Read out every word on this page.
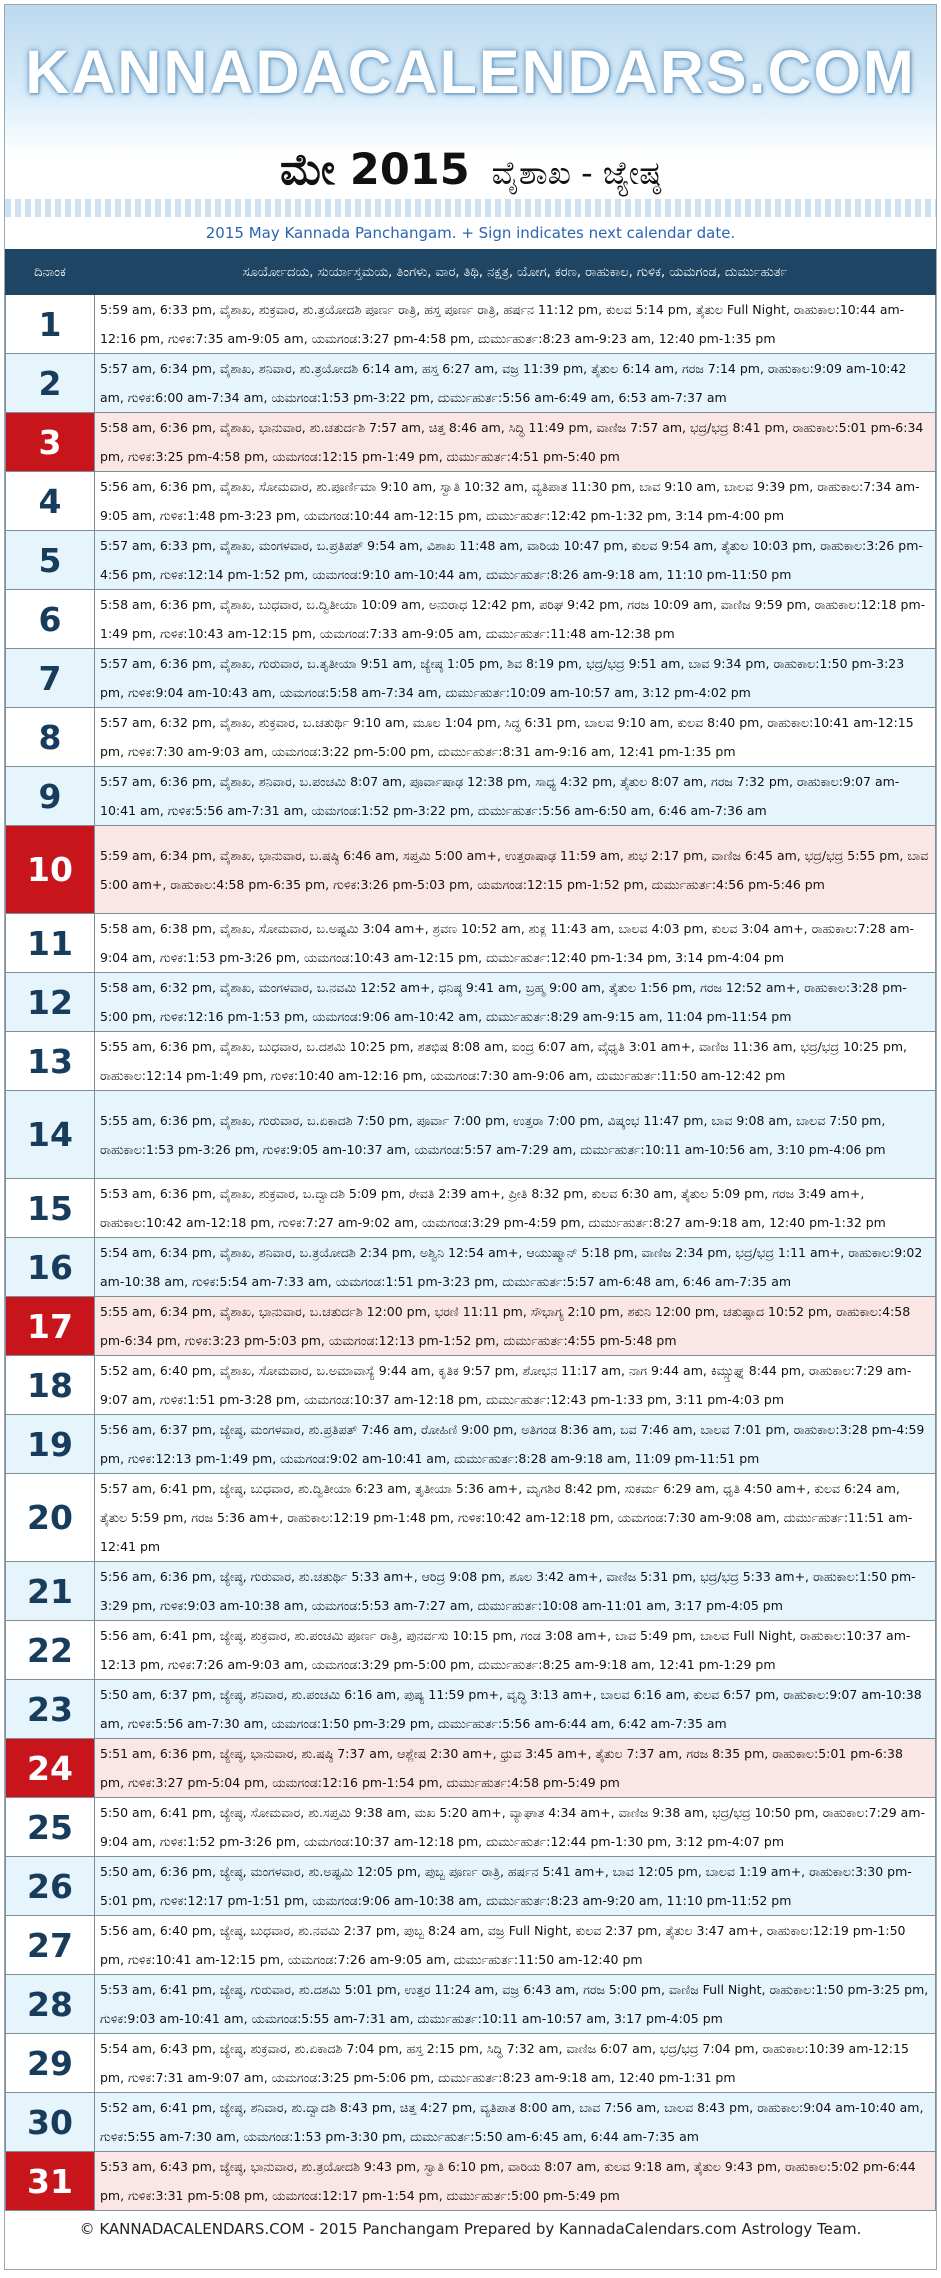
KANNADACALENDARS.COM
ಮೇ 2015 ವೈಶಾಖ - ಜ್ಯೇಷ್ಠ
2015 May Kannada Panchangam. + Sign indicates next calendar date.
ದಿನಾಂಕ	ಸೂರ್ಯೋದಯ, ಸುರ್ಯಾಸ್ತಮಯ, ತಿಂಗಳು, ವಾರ, ತಿಥಿ, ನಕ್ಷತ್ರ, ಯೋಗ, ಕರಣ, ರಾಹುಕಾಲ, ಗುಳಿಕ, ಯಮಗಂಡ, ದುರ್ಮುಹುರ್ತ
1	5:59 am, 6:33 pm, ವೈಶಾಖ, ಶುಕ್ರವಾರ, ಶು.ತ್ರಯೋದಶಿ ಪೂರ್ಣ ರಾತ್ರಿ, ಹಸ್ತ ಪೂರ್ಣ ರಾತ್ರಿ, ಹರ್ಷನ 11:12 pm, ಕುಲವ 5:14 pm, ತೈತುಲ Full Night, ರಾಹುಕಾಲ:10:44 am-12:16 pm, ಗುಳಿಕ:7:35 am-9:05 am, ಯಮಗಂಡ:3:27 pm-4:58 pm, ದುರ್ಮುಹುರ್ತ:8:23 am-9:23 am, 12:40 pm-1:35 pm
2	5:57 am, 6:34 pm, ವೈಶಾಖ, ಶನಿವಾರ, ಶು.ತ್ರಯೋದಶಿ 6:14 am, ಹಸ್ತ 6:27 am, ವಜ್ರ 11:39 pm, ತೈತುಲ 6:14 am, ಗರಜ 7:14 pm, ರಾಹುಕಾಲ:9:09 am-10:42 am, ಗುಳಿಕ:6:00 am-7:34 am, ಯಮಗಂಡ:1:53 pm-3:22 pm, ದುರ್ಮುಹುರ್ತ:5:56 am-6:49 am, 6:53 am-7:37 am
3	5:58 am, 6:36 pm, ವೈಶಾಖ, ಭಾನುವಾರ, ಶು.ಚತುರ್ದಶಿ 7:57 am, ಚಿತ್ತ 8:46 am, ಸಿದ್ಧಿ 11:49 pm, ವಾಣಿಜ 7:57 am, ಭದ್ರ/ಭದ್ರ 8:41 pm, ರಾಹುಕಾಲ:5:01 pm-6:34 pm, ಗುಳಿಕ:3:25 pm-4:58 pm, ಯಮಗಂಡ:12:15 pm-1:49 pm, ದುರ್ಮುಹುರ್ತ:4:51 pm-5:40 pm
4	5:56 am, 6:36 pm, ವೈಶಾಖ, ಸೋಮವಾರ, ಶು.ಪೂರ್ಣಿಮಾ 9:10 am, ಸ್ವಾತಿ 10:32 am, ವ್ಯತಿಪಾತ 11:30 pm, ಬಾವ 9:10 am, ಬಾಲವ 9:39 pm, ರಾಹುಕಾಲ:7:34 am-9:05 am, ಗುಳಿಕ:1:48 pm-3:23 pm, ಯಮಗಂಡ:10:44 am-12:15 pm, ದುರ್ಮುಹುರ್ತ:12:42 pm-1:32 pm, 3:14 pm-4:00 pm
5	5:57 am, 6:33 pm, ವೈಶಾಖ, ಮಂಗಳವಾರ, ಬ.ಪ್ರತಿಪತ್ 9:54 am, ವಿಶಾಖ 11:48 am, ವಾರಿಯ 10:47 pm, ಕುಲವ 9:54 am, ತೈತುಲ 10:03 pm, ರಾಹುಕಾಲ:3:26 pm-4:56 pm, ಗುಳಿಕ:12:14 pm-1:52 pm, ಯಮಗಂಡ:9:10 am-10:44 am, ದುರ್ಮುಹುರ್ತ:8:26 am-9:18 am, 11:10 pm-11:50 pm
6	5:58 am, 6:36 pm, ವೈಶಾಖ, ಬುಧವಾರ, ಬ.ದ್ವಿತೀಯಾ 10:09 am, ಅನುರಾಧ 12:42 pm, ಪರಿಘ 9:42 pm, ಗರಜ 10:09 am, ವಾಣಿಜ 9:59 pm, ರಾಹುಕಾಲ:12:18 pm-1:49 pm, ಗುಳಿಕ:10:43 am-12:15 pm, ಯಮಗಂಡ:7:33 am-9:05 am, ದುರ್ಮುಹುರ್ತ:11:48 am-12:38 pm
7	5:57 am, 6:36 pm, ವೈಶಾಖ, ಗುರುವಾರ, ಬ.ತೃತೀಯಾ 9:51 am, ಜ್ಯೇಷ್ಠ 1:05 pm, ಶಿವ 8:19 pm, ಭದ್ರ/ಭದ್ರ 9:51 am, ಬಾವ 9:34 pm, ರಾಹುಕಾಲ:1:50 pm-3:23 pm, ಗುಳಿಕ:9:04 am-10:43 am, ಯಮಗಂಡ:5:58 am-7:34 am, ದುರ್ಮುಹುರ್ತ:10:09 am-10:57 am, 3:12 pm-4:02 pm
8	5:57 am, 6:32 pm, ವೈಶಾಖ, ಶುಕ್ರವಾರ, ಬ.ಚತುರ್ಥಿ 9:10 am, ಮೂಲ 1:04 pm, ಸಿದ್ಧ 6:31 pm, ಬಾಲವ 9:10 am, ಕುಲವ 8:40 pm, ರಾಹುಕಾಲ:10:41 am-12:15 pm, ಗುಳಿಕ:7:30 am-9:03 am, ಯಮಗಂಡ:3:22 pm-5:00 pm, ದುರ್ಮುಹುರ್ತ:8:31 am-9:16 am, 12:41 pm-1:35 pm
9	5:57 am, 6:36 pm, ವೈಶಾಖ, ಶನಿವಾರ, ಬ.ಪಂಚಮಿ 8:07 am, ಪೂರ್ವಾಷಾಢ 12:38 pm, ಸಾಧ್ಯ 4:32 pm, ತೈತುಲ 8:07 am, ಗರಜ 7:32 pm, ರಾಹುಕಾಲ:9:07 am-10:41 am, ಗುಳಿಕ:5:56 am-7:31 am, ಯಮಗಂಡ:1:52 pm-3:22 pm, ದುರ್ಮುಹುರ್ತ:5:56 am-6:50 am, 6:46 am-7:36 am
10	5:59 am, 6:34 pm, ವೈಶಾಖ, ಭಾನುವಾರ, ಬ.ಷಷ್ಠಿ 6:46 am, ಸಪ್ತಮಿ 5:00 am+, ಉತ್ತರಾಷಾಢ 11:59 am, ಶುಭ 2:17 pm, ವಾಣಿಜ 6:45 am, ಭದ್ರ/ಭದ್ರ 5:55 pm, ಬಾವ 5:00 am+, ರಾಹುಕಾಲ:4:58 pm-6:35 pm, ಗುಳಿಕ:3:26 pm-5:03 pm, ಯಮಗಂಡ:12:15 pm-1:52 pm, ದುರ್ಮುಹುರ್ತ:4:56 pm-5:46 pm
11	5:58 am, 6:38 pm, ವೈಶಾಖ, ಸೋಮವಾರ, ಬ.ಅಷ್ಟಮಿ 3:04 am+, ಶ್ರವಣ 10:52 am, ಶುಕ್ಲ 11:43 am, ಬಾಲವ 4:03 pm, ಕುಲವ 3:04 am+, ರಾಹುಕಾಲ:7:28 am-9:04 am, ಗುಳಿಕ:1:53 pm-3:26 pm, ಯಮಗಂಡ:10:43 am-12:15 pm, ದುರ್ಮುಹುರ್ತ:12:40 pm-1:34 pm, 3:14 pm-4:04 pm
12	5:58 am, 6:32 pm, ವೈಶಾಖ, ಮಂಗಳವಾರ, ಬ.ನವಮಿ 12:52 am+, ಧನಿಷ್ಠ 9:41 am, ಬ್ರಹ್ಮ 9:00 am, ತೈತುಲ 1:56 pm, ಗರಜ 12:52 am+, ರಾಹುಕಾಲ:3:28 pm-5:00 pm, ಗುಳಿಕ:12:16 pm-1:53 pm, ಯಮಗಂಡ:9:06 am-10:42 am, ದುರ್ಮುಹುರ್ತ:8:29 am-9:15 am, 11:04 pm-11:54 pm
13	5:55 am, 6:36 pm, ವೈಶಾಖ, ಬುಧವಾರ, ಬ.ದಶಮಿ 10:25 pm, ಶತಭಿಷ 8:08 am, ಐಂದ್ರ 6:07 am, ವೈಧೃತಿ 3:01 am+, ವಾಣಿಜ 11:36 am, ಭದ್ರ/ಭದ್ರ 10:25 pm, ರಾಹುಕಾಲ:12:14 pm-1:49 pm, ಗುಳಿಕ:10:40 am-12:16 pm, ಯಮಗಂಡ:7:30 am-9:06 am, ದುರ್ಮುಹುರ್ತ:11:50 am-12:42 pm
14	5:55 am, 6:36 pm, ವೈಶಾಖ, ಗುರುವಾರ, ಬ.ಏಕಾದಶಿ 7:50 pm, ಪೂರ್ವಾ 7:00 pm, ಉತ್ತರಾ 7:00 pm, ವಿಷ್ಕಂಭ 11:47 pm, ಬಾವ 9:08 am, ಬಾಲವ 7:50 pm, ರಾಹುಕಾಲ:1:53 pm-3:26 pm, ಗುಳಿಕ:9:05 am-10:37 am, ಯಮಗಂಡ:5:57 am-7:29 am, ದುರ್ಮುಹುರ್ತ:10:11 am-10:56 am, 3:10 pm-4:06 pm
15	5:53 am, 6:36 pm, ವೈಶಾಖ, ಶುಕ್ರವಾರ, ಬ.ದ್ವಾದಶಿ 5:09 pm, ರೇವತಿ 2:39 am+, ಪ್ರೀತಿ 8:32 pm, ಕುಲವ 6:30 am, ತೈತುಲ 5:09 pm, ಗರಜ 3:49 am+, ರಾಹುಕಾಲ:10:42 am-12:18 pm, ಗುಳಿಕ:7:27 am-9:02 am, ಯಮಗಂಡ:3:29 pm-4:59 pm, ದುರ್ಮುಹುರ್ತ:8:27 am-9:18 am, 12:40 pm-1:32 pm
16	5:54 am, 6:34 pm, ವೈಶಾಖ, ಶನಿವಾರ, ಬ.ತ್ರಯೋದಶಿ 2:34 pm, ಅಶ್ವಿನಿ 12:54 am+, ಆಯುಷ್ಮಾನ್ 5:18 pm, ವಾಣಿಜ 2:34 pm, ಭದ್ರ/ಭದ್ರ 1:11 am+, ರಾಹುಕಾಲ:9:02 am-10:38 am, ಗುಳಿಕ:5:54 am-7:33 am, ಯಮಗಂಡ:1:51 pm-3:23 pm, ದುರ್ಮುಹುರ್ತ:5:57 am-6:48 am, 6:46 am-7:35 am
17	5:55 am, 6:34 pm, ವೈಶಾಖ, ಭಾನುವಾರ, ಬ.ಚತುರ್ದಶಿ 12:00 pm, ಭರಣಿ 11:11 pm, ಸೌಭಾಗ್ಯ 2:10 pm, ಶಕುನಿ 12:00 pm, ಚತುಷ್ಪಾದ 10:52 pm, ರಾಹುಕಾಲ:4:58 pm-6:34 pm, ಗುಳಿಕ:3:23 pm-5:03 pm, ಯಮಗಂಡ:12:13 pm-1:52 pm, ದುರ್ಮುಹುರ್ತ:4:55 pm-5:48 pm
18	5:52 am, 6:40 pm, ವೈಶಾಖ, ಸೋಮವಾರ, ಬ.ಅಮಾವಾಸ್ಯೆ 9:44 am, ಕೃತಿಕ 9:57 pm, ಶೋಭನ 11:17 am, ನಾಗ 9:44 am, ಕಿಮ್ಸ್ತುಘ್ನ 8:44 pm, ರಾಹುಕಾಲ:7:29 am-9:07 am, ಗುಳಿಕ:1:51 pm-3:28 pm, ಯಮಗಂಡ:10:37 am-12:18 pm, ದುರ್ಮುಹುರ್ತ:12:43 pm-1:33 pm, 3:11 pm-4:03 pm
19	5:56 am, 6:37 pm, ಜ್ಯೇಷ್ಠ, ಮಂಗಳವಾರ, ಶು.ಪ್ರತಿಪತ್ 7:46 am, ರೋಹಿಣಿ 9:00 pm, ಅತಿಗಂಡ 8:36 am, ಬವ 7:46 am, ಬಾಲವ 7:01 pm, ರಾಹುಕಾಲ:3:28 pm-4:59 pm, ಗುಳಿಕ:12:13 pm-1:49 pm, ಯಮಗಂಡ:9:02 am-10:41 am, ದುರ್ಮುಹುರ್ತ:8:28 am-9:18 am, 11:09 pm-11:51 pm
20	5:57 am, 6:41 pm, ಜ್ಯೇಷ್ಠ, ಬುಧವಾರ, ಶು.ದ್ವಿತೀಯಾ 6:23 am, ತೃತೀಯಾ 5:36 am+, ಮೃಗಶಿರ 8:42 pm, ಸುಕರ್ಮ 6:29 am, ಧೃತಿ 4:50 am+, ಕುಲವ 6:24 am, ತೈತುಲ 5:59 pm, ಗರಜ 5:36 am+, ರಾಹುಕಾಲ:12:19 pm-1:48 pm, ಗುಳಿಕ:10:42 am-12:18 pm, ಯಮಗಂಡ:7:30 am-9:08 am, ದುರ್ಮುಹುರ್ತ:11:51 am-12:41 pm
21	5:56 am, 6:36 pm, ಜ್ಯೇಷ್ಠ, ಗುರುವಾರ, ಶು.ಚತುರ್ಥಿ 5:33 am+, ಆರಿದ್ರ 9:08 pm, ಶೂಲ 3:42 am+, ವಾಣಿಜ 5:31 pm, ಭದ್ರ/ಭದ್ರ 5:33 am+, ರಾಹುಕಾಲ:1:50 pm-3:29 pm, ಗುಳಿಕ:9:03 am-10:38 am, ಯಮಗಂಡ:5:53 am-7:27 am, ದುರ್ಮುಹುರ್ತ:10:08 am-11:01 am, 3:17 pm-4:05 pm
22	5:56 am, 6:41 pm, ಜ್ಯೇಷ್ಠ, ಶುಕ್ರವಾರ, ಶು.ಪಂಚಮಿ ಪೂರ್ಣ ರಾತ್ರಿ, ಪುನರ್ವಸು 10:15 pm, ಗಂಡ 3:08 am+, ಬಾವ 5:49 pm, ಬಾಲವ Full Night, ರಾಹುಕಾಲ:10:37 am-12:13 pm, ಗುಳಿಕ:7:26 am-9:03 am, ಯಮಗಂಡ:3:29 pm-5:00 pm, ದುರ್ಮುಹುರ್ತ:8:25 am-9:18 am, 12:41 pm-1:29 pm
23	5:50 am, 6:37 pm, ಜ್ಯೇಷ್ಠ, ಶನಿವಾರ, ಶು.ಪಂಚಮಿ 6:16 am, ಪುಷ್ಯ 11:59 pm+, ವೃದ್ಧಿ 3:13 am+, ಬಾಲವ 6:16 am, ಕುಲವ 6:57 pm, ರಾಹುಕಾಲ:9:07 am-10:38 am, ಗುಳಿಕ:5:56 am-7:30 am, ಯಮಗಂಡ:1:50 pm-3:29 pm, ದುರ್ಮುಹುರ್ತ:5:56 am-6:44 am, 6:42 am-7:35 am
24	5:51 am, 6:36 pm, ಜ್ಯೇಷ್ಠ, ಭಾನುವಾರ, ಶು.ಷಷ್ಠಿ 7:37 am, ಆಶ್ಲೇಷ 2:30 am+, ಧ್ರುವ 3:45 am+, ತೈತುಲ 7:37 am, ಗರಜ 8:35 pm, ರಾಹುಕಾಲ:5:01 pm-6:38 pm, ಗುಳಿಕ:3:27 pm-5:04 pm, ಯಮಗಂಡ:12:16 pm-1:54 pm, ದುರ್ಮುಹುರ್ತ:4:58 pm-5:49 pm
25	5:50 am, 6:41 pm, ಜ್ಯೇಷ್ಠ, ಸೋಮವಾರ, ಶು.ಸಪ್ತಮಿ 9:38 am, ಮಖ 5:20 am+, ವ್ಯಾಘಾತ 4:34 am+, ವಾಣಿಜ 9:38 am, ಭದ್ರ/ಭದ್ರ 10:50 pm, ರಾಹುಕಾಲ:7:29 am-9:04 am, ಗುಳಿಕ:1:52 pm-3:26 pm, ಯಮಗಂಡ:10:37 am-12:18 pm, ದುರ್ಮುಹುರ್ತ:12:44 pm-1:30 pm, 3:12 pm-4:07 pm
26	5:50 am, 6:36 pm, ಜ್ಯೇಷ್ಠ, ಮಂಗಳವಾರ, ಶು.ಅಷ್ಟಮಿ 12:05 pm, ಪುಬ್ಬ ಪೂರ್ಣ ರಾತ್ರಿ, ಹರ್ಷನ 5:41 am+, ಬಾವ 12:05 pm, ಬಾಲವ 1:19 am+, ರಾಹುಕಾಲ:3:30 pm-5:01 pm, ಗುಳಿಕ:12:17 pm-1:51 pm, ಯಮಗಂಡ:9:06 am-10:38 am, ದುರ್ಮುಹುರ್ತ:8:23 am-9:20 am, 11:10 pm-11:52 pm
27	5:56 am, 6:40 pm, ಜ್ಯೇಷ್ಠ, ಬುಧವಾರ, ಶು.ನವಮಿ 2:37 pm, ಪುಬ್ಬ 8:24 am, ವಜ್ರ Full Night, ಕುಲವ 2:37 pm, ತೈತುಲ 3:47 am+, ರಾಹುಕಾಲ:12:19 pm-1:50 pm, ಗುಳಿಕ:10:41 am-12:15 pm, ಯಮಗಂಡ:7:26 am-9:05 am, ದುರ್ಮುಹುರ್ತ:11:50 am-12:40 pm
28	5:53 am, 6:41 pm, ಜ್ಯೇಷ್ಠ, ಗುರುವಾರ, ಶು.ದಶಮಿ 5:01 pm, ಉತ್ತರ 11:24 am, ವಜ್ರ 6:43 am, ಗರಜ 5:00 pm, ವಾಣಿಜ Full Night, ರಾಹುಕಾಲ:1:50 pm-3:25 pm, ಗುಳಿಕ:9:03 am-10:41 am, ಯಮಗಂಡ:5:55 am-7:31 am, ದುರ್ಮುಹುರ್ತ:10:11 am-10:57 am, 3:17 pm-4:05 pm
29	5:54 am, 6:43 pm, ಜ್ಯೇಷ್ಠ, ಶುಕ್ರವಾರ, ಶು.ಏಕಾದಶಿ 7:04 pm, ಹಸ್ತ 2:15 pm, ಸಿದ್ಧಿ 7:32 am, ವಾಣಿಜ 6:07 am, ಭದ್ರ/ಭದ್ರ 7:04 pm, ರಾಹುಕಾಲ:10:39 am-12:15 pm, ಗುಳಿಕ:7:31 am-9:07 am, ಯಮಗಂಡ:3:25 pm-5:06 pm, ದುರ್ಮುಹುರ್ತ:8:23 am-9:18 am, 12:40 pm-1:31 pm
30	5:52 am, 6:41 pm, ಜ್ಯೇಷ್ಠ, ಶನಿವಾರ, ಶು.ದ್ವಾದಶಿ 8:43 pm, ಚಿತ್ತ 4:27 pm, ವ್ಯತಿಪಾತ 8:00 am, ಬಾವ 7:56 am, ಬಾಲವ 8:43 pm, ರಾಹುಕಾಲ:9:04 am-10:40 am, ಗುಳಿಕ:5:55 am-7:30 am, ಯಮಗಂಡ:1:53 pm-3:30 pm, ದುರ್ಮುಹುರ್ತ:5:50 am-6:45 am, 6:44 am-7:35 am
31	5:53 am, 6:43 pm, ಜ್ಯೇಷ್ಠ, ಭಾನುವಾರ, ಶು.ತ್ರಯೋದಶಿ 9:43 pm, ಸ್ವಾತಿ 6:10 pm, ವಾರಿಯ 8:07 am, ಕುಲವ 9:18 am, ತೈತುಲ 9:43 pm, ರಾಹುಕಾಲ:5:02 pm-6:44 pm, ಗುಳಿಕ:3:31 pm-5:08 pm, ಯಮಗಂಡ:12:17 pm-1:54 pm, ದುರ್ಮುಹುರ್ತ:5:00 pm-5:49 pm
© KANNADACALENDARS.COM - 2015 Panchangam Prepared by KannadaCalendars.com Astrology Team.
